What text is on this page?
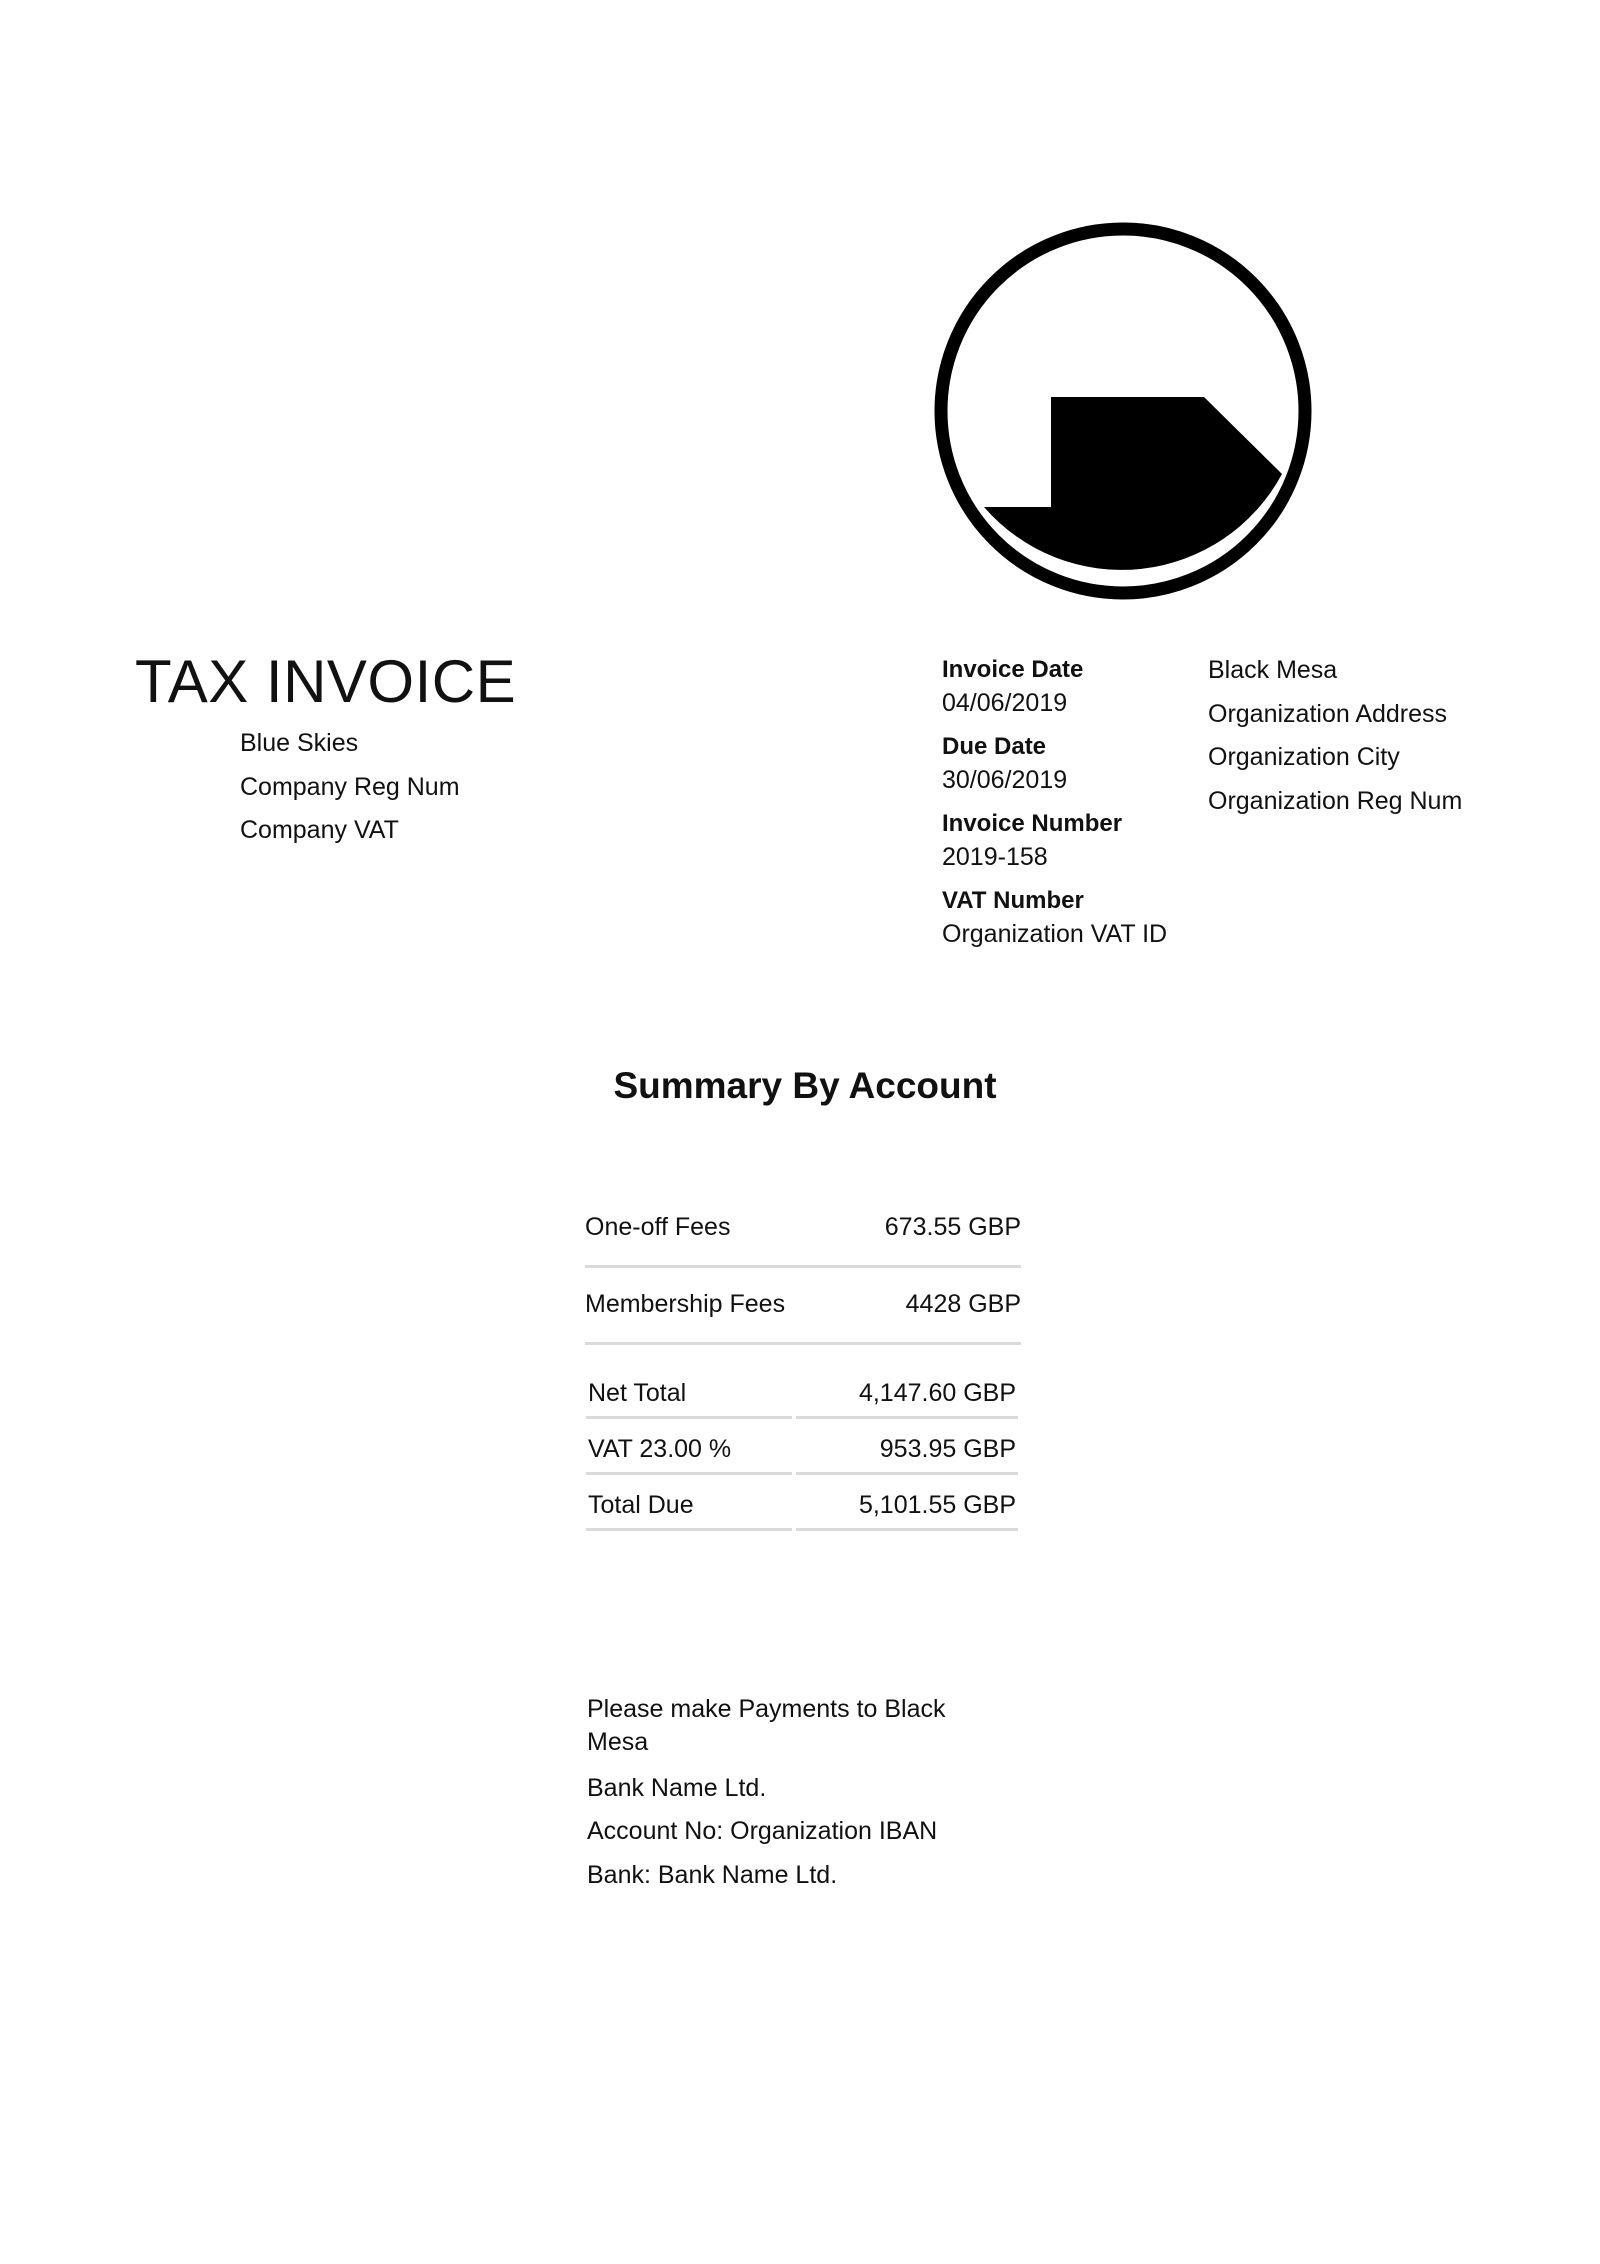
TAX INVOICE
Blue Skies
Company Reg Num
Company VAT
Invoice Date
04/06/2019
Due Date
30/06/2019
Invoice Number
2019-158
VAT Number
Organization VAT ID
Black Mesa
Organization Address
Organization City
Organization Reg Num
Summary By Account
One-off Fees	673.55 GBP
Membership Fees	4428 GBP
Net Total	4,147.60 GBP
VAT 23.00 %	953.95 GBP
Total Due	5,101.55 GBP
Please make Payments to Black Mesa
Bank Name Ltd.
Account No: Organization IBAN
Bank: Bank Name Ltd.
